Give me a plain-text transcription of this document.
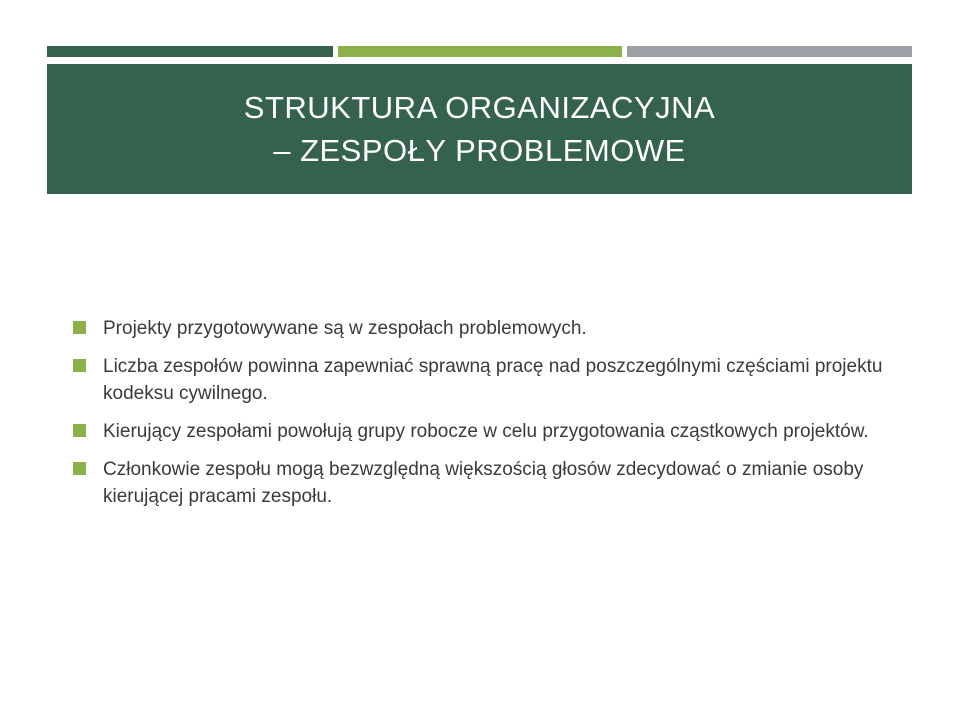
STRUKTURA ORGANIZACYJNA
– ZESPOŁY PROBLEMOWE
Projekty przygotowywane są w zespołach problemowych.
Liczba zespołów powinna zapewniać sprawną pracę nad poszczególnymi częściami projektu kodeksu cywilnego.
Kierujący zespołami powołują grupy robocze w celu przygotowania cząstkowych projektów.
Członkowie zespołu mogą bezwzględną większością głosów zdecydować o zmianie osoby kierującej pracami zespołu.
